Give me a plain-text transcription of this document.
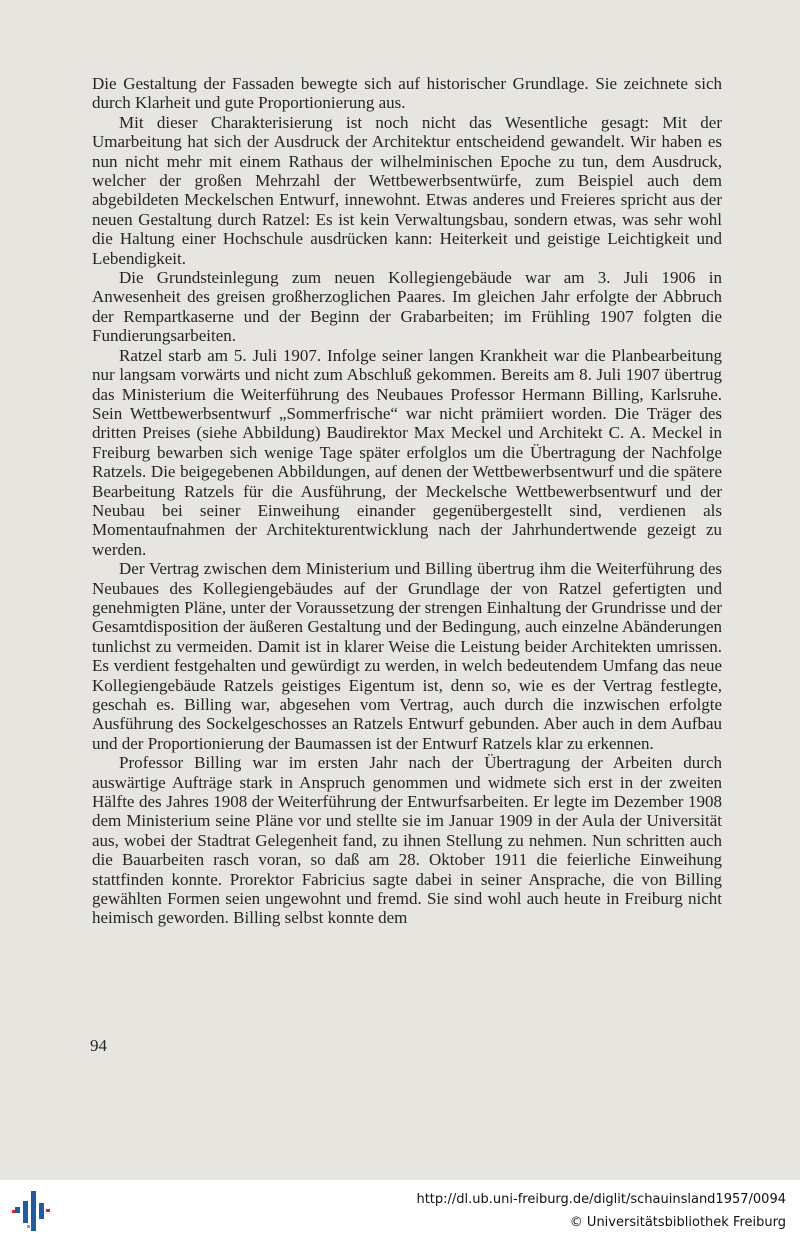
Die Gestaltung der Fassaden bewegte sich auf historischer Grundlage. Sie zeichnete sich durch Klarheit und gute Proportionierung aus.

Mit dieser Charakterisierung ist noch nicht das Wesentliche gesagt: Mit der Umarbeitung hat sich der Ausdruck der Architektur entscheidend gewandelt. Wir haben es nun nicht mehr mit einem Rathaus der wilhelminischen Epoche zu tun, dem Ausdruck, welcher der großen Mehrzahl der Wettbewerbsentwürfe, zum Beispiel auch dem abgebildeten Meckelschen Entwurf, innewohnt. Etwas anderes und Freieres spricht aus der neuen Gestaltung durch Ratzel: Es ist kein Verwaltungsbau, sondern etwas, was sehr wohl die Haltung einer Hochschule ausdrücken kann: Heiterkeit und geistige Leichtigkeit und Lebendigkeit.

Die Grundsteinlegung zum neuen Kollegiengebäude war am 3. Juli 1906 in Anwesenheit des greisen großherzoglichen Paares. Im gleichen Jahr erfolgte der Abbruch der Rempartkaserne und der Beginn der Grabarbeiten; im Frühling 1907 folgten die Fundierungsarbeiten.

Ratzel starb am 5. Juli 1907. Infolge seiner langen Krankheit war die Planbearbeitung nur langsam vorwärts und nicht zum Abschluß gekommen. Bereits am 8. Juli 1907 übertrug das Ministerium die Weiterführung des Neubaues Professor Hermann Billing, Karlsruhe. Sein Wettbewerbsentwurf „Sommerfrische“ war nicht prämiiert worden. Die Träger des dritten Preises (siehe Abbildung) Baudirektor Max Meckel und Architekt C. A. Meckel in Freiburg bewarben sich wenige Tage später erfolglos um die Übertragung der Nachfolge Ratzels. Die beigegebenen Abbildungen, auf denen der Wettbewerbsentwurf und die spätere Bearbeitung Ratzels für die Ausführung, der Meckelsche Wettbewerbsentwurf und der Neubau bei seiner Einweihung einander gegenübergestellt sind, verdienen als Momentaufnahmen der Architekturentwicklung nach der Jahrhundertwende gezeigt zu werden.

Der Vertrag zwischen dem Ministerium und Billing übertrug ihm die Weiterführung des Neubaues des Kollegiengebäudes auf der Grundlage der von Ratzel gefertigten und genehmigten Pläne, unter der Voraussetzung der strengen Einhaltung der Grundrisse und der Gesamtdisposition der äußeren Gestaltung und der Bedingung, auch einzelne Abänderungen tunlichst zu vermeiden. Damit ist in klarer Weise die Leistung beider Architekten umrissen. Es verdient festgehalten und gewürdigt zu werden, in welch bedeutendem Umfang das neue Kollegiengebäude Ratzels geistiges Eigentum ist, denn so, wie es der Vertrag festlegte, geschah es. Billing war, abgesehen vom Vertrag, auch durch die inzwischen erfolgte Ausführung des Sockelgeschosses an Ratzels Entwurf gebunden. Aber auch in dem Aufbau und der Proportionierung der Baumassen ist der Entwurf Ratzels klar zu erkennen.

Professor Billing war im ersten Jahr nach der Übertragung der Arbeiten durch auswärtige Aufträge stark in Anspruch genommen und widmete sich erst in der zweiten Hälfte des Jahres 1908 der Weiterführung der Entwurfsarbeiten. Er legte im Dezember 1908 dem Ministerium seine Pläne vor und stellte sie im Januar 1909 in der Aula der Universität aus, wobei der Stadtrat Gelegenheit fand, zu ihnen Stellung zu nehmen. Nun schritten auch die Bauarbeiten rasch voran, so daß am 28. Oktober 1911 die feierliche Einweihung stattfinden konnte. Prorektor Fabricius sagte dabei in seiner Ansprache, die von Billing gewählten Formen seien ungewohnt und fremd. Sie sind wohl auch heute in Freiburg nicht heimisch geworden. Billing selbst konnte dem

94
http://dl.ub.uni-freiburg.de/diglit/schauinsland1957/0094
© Universitätsbibliothek Freiburg
